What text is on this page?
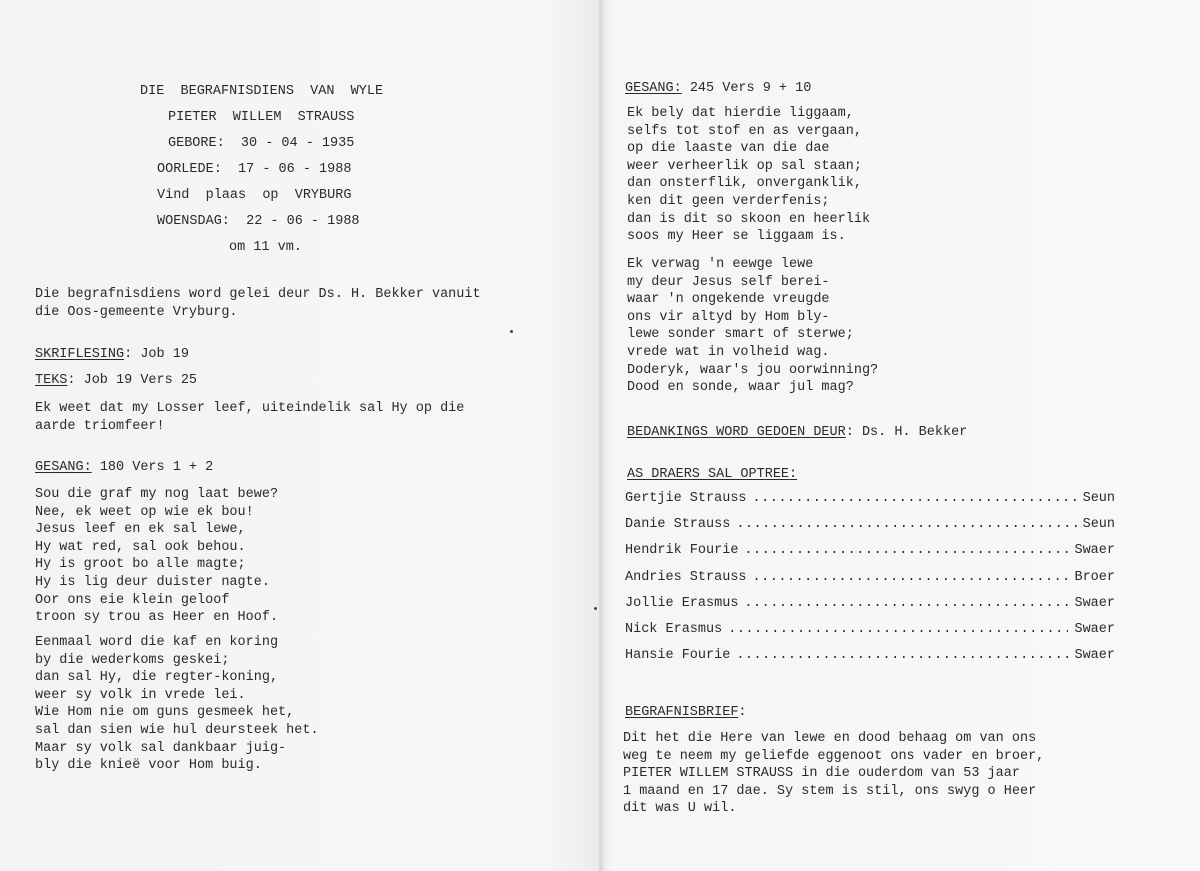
DIE  BEGRAFNISDIENS  VAN  WYLE
PIETER  WILLEM  STRAUSS
GEBORE:  30 - 04 - 1935
OORLEDE:  17 - 06 - 1988
Vind  plaas  op  VRYBURG
WOENSDAG:  22 - 06 - 1988
om 11 vm.
Die begrafnisdiens word gelei deur Ds. H. Bekker vanuit
die Oos-gemeente Vryburg.
SKRIFLESING: Job 19
TEKS: Job 19 Vers 25
Ek weet dat my Losser leef, uiteindelik sal Hy op die
aarde triomfeer!
GESANG: 180 Vers 1 + 2
Sou die graf my nog laat bewe?
Nee, ek weet op wie ek bou!
Jesus leef en ek sal lewe,
Hy wat red, sal ook behou.
Hy is groot bo alle magte;
Hy is lig deur duister nagte.
Oor ons eie klein geloof
troon sy trou as Heer en Hoof.
Eenmaal word die kaf en koring
by die wederkoms geskei;
dan sal Hy, die regter-koning,
weer sy volk in vrede lei.
Wie Hom nie om guns gesmeek het,
sal dan sien wie hul deursteek het.
Maar sy volk sal dankbaar juig-
bly die knieë voor Hom buig.
GESANG: 245 Vers 9 + 10
Ek bely dat hierdie liggaam,
selfs tot stof en as vergaan,
op die laaste van die dae
weer verheerlik op sal staan;
dan onsterflik, onverganklik,
ken dit geen verderfenis;
dan is dit so skoon en heerlik
soos my Heer se liggaam is.
Ek verwag 'n eewge lewe
my deur Jesus self berei-
waar 'n ongekende vreugde
ons vir altyd by Hom bly-
lewe sonder smart of sterwe;
vrede wat in volheid wag.
Doderyk, waar's jou oorwinning?
Dood en sonde, waar jul mag?
BEDANKINGS WORD GEDOEN DEUR: Ds. H. Bekker
AS DRAERS SAL OPTREE:
Gertjie Strauss .....	Seun
Danie Strauss .....	Seun
Hendrik Fourie .....	Swaer
Andries Strauss .....	Broer
Jollie Erasmus .....	Swaer
Nick Erasmus .....	Swaer
Hansie Fourie .....	Swaer
BEGRAFNISBRIEF:
Dit het die Here van lewe en dood behaag om van ons
weg te neem my geliefde eggenoot ons vader en broer,
PIETER WILLEM STRAUSS in die ouderdom van 53 jaar
1 maand en 17 dae. Sy stem is stil, ons swyg o Heer
dit was U wil.
